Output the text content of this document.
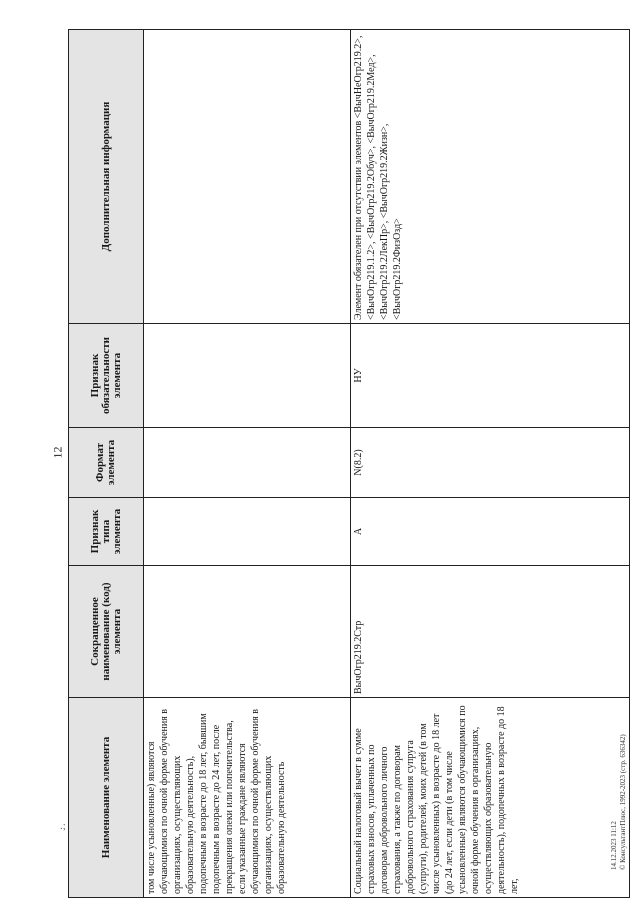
.;
12
Наименование элемента	Сокращенное наименование (код) элемента	Признак типа элемента	Формат элемента	Признак обязательности элемента	Дополнительная информация
том числе усыновленные) являются обучающимися по очной форме обучения в организациях, осуществляющих образовательную деятельность), подопечным в возрасте до 18 лет, бывшим подопечным в возрасте до 24 лет, после прекращения опеки или попечительства, если указанные граждане являются обучающимися по очной форме обучения в организациях, осуществляющих образовательную деятельность					
Социальный налоговый вычет в сумме страховых взносов, уплаченных по договорам добровольного личного страхования, а также по договорам добровольного страхования супруга (супруги), родителей, моих детей (в том числе усыновленных) в возрасте до 18 лет (до 24 лет, если дети (в том числе усыновленные) являются обучающимися по очной форме обучения в организациях, осуществляющих образовательную деятельность), подопечных в возрасте до 18 лет,	ВычОгр219.2Стр	А	N(8.2)	НУ	Элемент обязателен при отсутствии элементов <ВычНеОгр219.2>, <ВычОгр219.1.2>, <ВычОгр219.2Обуч>, <ВычОгр219.2Мед>, <ВычОгр219.2ЛекПр>, <ВычОгр219.2Жизн>, <ВычОгр219.2ФизОзд>
14.12.2023 11:12 © КонсультантПлюс, 1992-2023 (стр. 636342)
